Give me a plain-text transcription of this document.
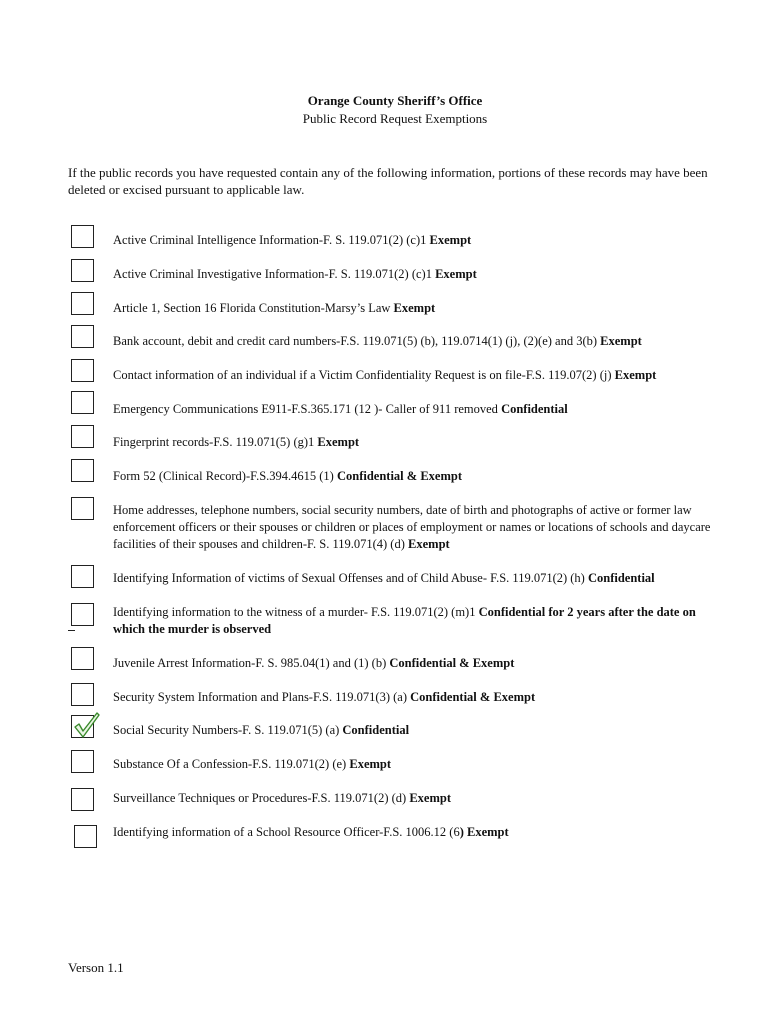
Orange County Sheriff’s Office
Public Record Request Exemptions
If the public records you have requested contain any of the following information, portions of these records may have been deleted or excised pursuant to applicable law.
Active Criminal Intelligence Information-F. S. 119.071(2) (c)1 Exempt
Active Criminal Investigative Information-F. S. 119.071(2) (c)1 Exempt
Article 1, Section 16 Florida Constitution-Marsy’s Law Exempt
Bank account, debit and credit card numbers-F.S. 119.071(5) (b), 119.0714(1) (j), (2)(e) and 3(b) Exempt
Contact information of an individual if a Victim Confidentiality Request is on file-F.S. 119.07(2) (j) Exempt
Emergency Communications E911-F.S.365.171 (12 )- Caller of 911 removed Confidential
Fingerprint records-F.S. 119.071(5) (g)1 Exempt
Form 52 (Clinical Record)-F.S.394.4615 (1) Confidential & Exempt
Home addresses, telephone numbers, social security numbers, date of birth and photographs of active or former law enforcement officers or their spouses or children or places of employment or names or locations of schools and daycare facilities of their spouses and children-F. S. 119.071(4) (d) Exempt
Identifying Information of victims of Sexual Offenses and of Child Abuse- F.S. 119.071(2) (h) Confidential
Identifying information to the witness of a murder- F.S. 119.071(2) (m)1 Confidential for 2 years after the date on which the murder is observed
Juvenile Arrest Information-F. S. 985.04(1) and (1) (b) Confidential & Exempt
Security System Information and Plans-F.S. 119.071(3) (a) Confidential & Exempt
Social Security Numbers-F. S. 119.071(5) (a) Confidential
Substance Of a Confession-F.S. 119.071(2) (e) Exempt
Surveillance Techniques or Procedures-F.S. 119.071(2) (d) Exempt
Identifying information of a School Resource Officer-F.S. 1006.12 (6) Exempt
Verson 1.1
